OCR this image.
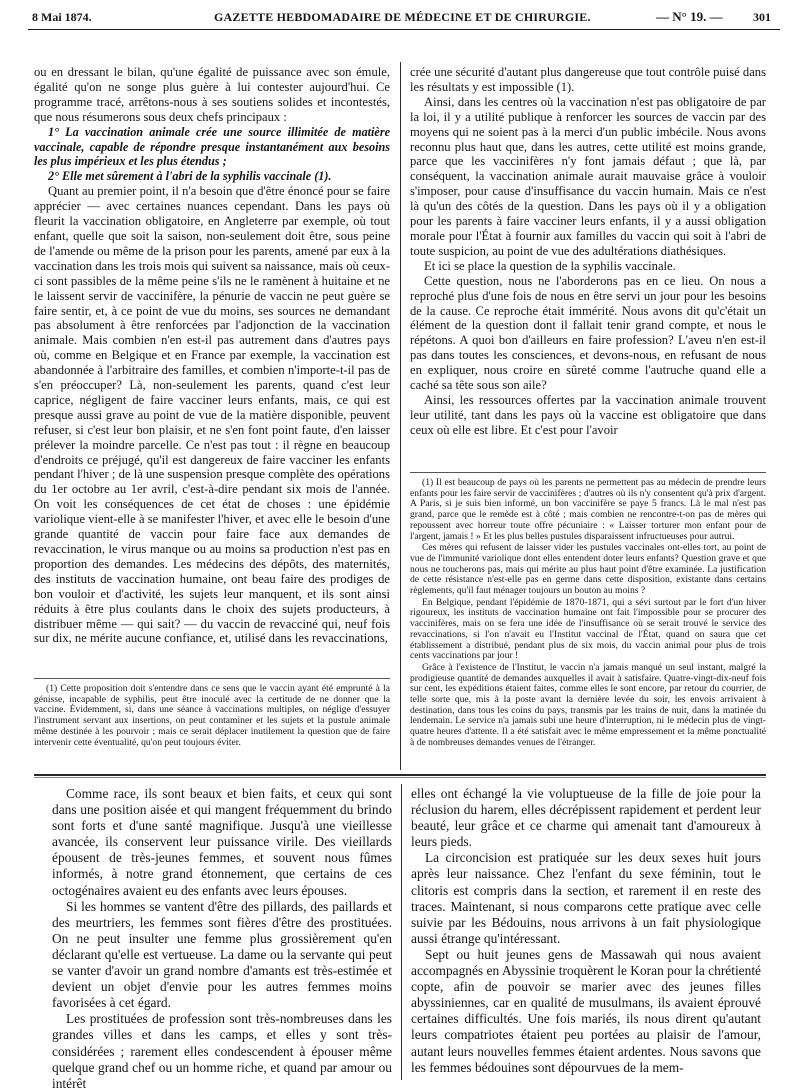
8 Mai 1874.	GAZETTE HEBDOMADAIRE DE MÉDECINE ET DE CHIRURGIE.	— N° 19. —	301

ou en dressant le bilan, qu'une égalité de puissance avec son émule, égalité qu'on ne songe plus guère à lui contester aujourd'hui. Ce programme tracé, arrêtons-nous à ses soutiens solides et incontestés, que nous résumerons sous deux chefs principaux :

1° La vaccination animale crée une source illimitée de matière vaccinale, capable de répondre presque instantanément aux besoins les plus impérieux et les plus étendus ;

2° Elle met sûrement à l'abri de la syphilis vaccinale (1).

Quant au premier point, il n'a besoin que d'être énoncé pour se faire apprécier — avec certaines nuances cependant. Dans les pays où fleurit la vaccination obligatoire, en Angleterre par exemple, où tout enfant, quelle que soit la saison, non-seulement doit être, sous peine de l'amende ou même de la prison pour les parents, amené par eux à la vaccination dans les trois mois qui suivent sa naissance, mais où ceux-ci sont passibles de la même peine s'ils ne le ramènent à huitaine et ne le laissent servir de vaccinifère, la pénurie de vaccin ne peut guère se faire sentir, et, à ce point de vue du moins, ses sources ne demandant pas absolument à être renforcées par l'adjonction de la vaccination animale. Mais combien n'en est-il pas autrement dans d'autres pays où, comme en Belgique et en France par exemple, la vaccination est abandonnée à l'arbitraire des familles, et combien n'importe-t-il pas de s'en préoccuper? Là, non-seulement les parents, quand c'est leur caprice, négligent de faire vacciner leurs enfants, mais, ce qui est presque aussi grave au point de vue de la matière disponible, peuvent refuser, si c'est leur bon plaisir, et ne s'en font point faute, d'en laisser prélever la moindre parcelle. Ce n'est pas tout : il règne en beaucoup d'endroits ce préjugé, qu'il est dangereux de faire vacciner les enfants pendant l'hiver ; de là une suspension presque complète des opérations du 1er octobre au 1er avril, c'est-à-dire pendant six mois de l'année. On voit les conséquences de cet état de choses : une épidémie variolique vient-elle à se manifester l'hiver, et avec elle le besoin d'une grande quantité de vaccin pour faire face aux demandes de revaccination, le virus manque ou au moins sa production n'est pas en proportion des demandes. Les médecins des dépôts, des maternités, des instituts de vaccination humaine, ont beau faire des prodiges de bon vouloir et d'activité, les sujets leur manquent, et ils sont ainsi réduits à être plus coulants dans le choix des sujets producteurs, à distribuer même — qui sait? — du vaccin de revacciné qui, neuf fois sur dix, ne mérite aucune confiance, et, utilisé dans les revaccinations,

(1) Cette proposition doit s'entendre dans ce sens que le vaccin ayant été emprunté à la génisse, incapable de syphilis, peut être inoculé avec la certitude de ne donner que la vaccine. Évidemment, si, dans une séance à vaccinations multiples, on néglige d'essuyer l'instrument servant aux insertions, on peut contaminer et les sujets et la pustule animale même destinée à les pourvoir ; mais ce serait déplacer inutilement la question que de faire intervenir cette éventualité, qu'on peut toujours éviter.

crée une sécurité d'autant plus dangereuse que tout contrôle puisé dans les résultats y est impossible (1).

Ainsi, dans les centres où la vaccination n'est pas obligatoire de par la loi, il y a utilité publique à renforcer les sources de vaccin par des moyens qui ne soient pas à la merci d'un public imbécile. Nous avons reconnu plus haut que, dans les autres, cette utilité est moins grande, parce que les vaccinifères n'y font jamais défaut ; que là, par conséquent, la vaccination animale aurait mauvaise grâce à vouloir s'imposer, pour cause d'insuffisance du vaccin humain. Mais ce n'est là qu'un des côtés de la question. Dans les pays où il y a obligation pour les parents à faire vacciner leurs enfants, il y a aussi obligation morale pour l'État à fournir aux familles du vaccin qui soit à l'abri de toute suspicion, au point de vue des adultérations diathésiques.

Et ici se place la question de la syphilis vaccinale.

Cette question, nous ne l'aborderons pas en ce lieu. On nous a reproché plus d'une fois de nous en être servi un jour pour les besoins de la cause. Ce reproche était immérité. Nous avons dit qu'c'était un élément de la question dont il fallait tenir grand compte, et nous le répétons. A quoi bon d'ailleurs en faire profession? L'aveu n'en est-il pas dans toutes les consciences, et devons-nous, en refusant de nous en expliquer, nous croire en sûreté comme l'autruche quand elle a caché sa tête sous son aile?

Ainsi, les ressources offertes par la vaccination animale trouvent leur utilité, tant dans les pays où la vaccine est obligatoire que dans ceux où elle est libre. Et c'est pour l'avoir

(1) Il est beaucoup de pays où les parents ne permettent pas au médecin de prendre leurs enfants pour les faire servir de vaccinifères ; d'autres où ils n'y consentent qu'à prix d'argent. A Paris, si je suis bien informé, un bon vaccinifère se paye 5 francs. Là le mal n'est pas grand, parce que le remède est à côté ; mais combien ne rencontre-t-on pas de mères qui repoussent avec horreur toute offre pécuniaire : « Laisser torturer mon enfant pour de l'argent, jamais ! » Et les plus belles pustules disparaissent infructueuses pour autrui.

Ces mères qui refusent de laisser vider les pustules vaccinales ont-elles tort, au point de vue de l'immunité variolique dont elles entendent doter leurs enfants? Question grave et que nous ne toucherons pas, mais qui mérite au plus haut point d'être examinée. La justification de cette résistance n'est-elle pas en germe dans cette disposition, existante dans certains règlements, qu'il faut ménager toujours un bouton au moins ?

En Belgique, pendant l'épidémie de 1870-1871, qui a sévi surtout par le fort d'un hiver rigoureux, les instituts de vaccination humaine ont fait l'impossible pour se procurer des vaccinifères, mais on se fera une idée de l'insuffisance où se serait trouvé le service des revaccinations, si l'on n'avait eu l'Institut vaccinal de l'État, quand on saura que cet établissement a distribué, pendant plus de six mois, du vaccin animal pour plus de trois cents vaccinations par jour !

Grâce à l'existence de l'Institut, le vaccin n'a jamais manqué un seul instant, malgré la prodigieuse quantité de demandes auxquelles il avait à satisfaire. Quatre-vingt-dix-neuf fois sur cent, les expéditions étaient faites, comme elles le sont encore, par retour du courrier, de telle sorte que, mis à la poste avant la dernière levée du soir, les envois arrivaient à destination, dans tous les coins du pays, transmis par les trains de nuit, dans la matinée du lendemain. Le service n'a jamais subi une heure d'interruption, ni le médecin plus de vingt-quatre heures d'attente. Il a été satisfait avec le même empressement et la même ponctualité à de nombreuses demandes venues de l'étranger.

Comme race, ils sont beaux et bien faits, et ceux qui sont dans une position aisée et qui mangent fréquemment du brindo sont forts et d'une santé magnifique. Jusqu'à une vieillesse avancée, ils conservent leur puissance virile. Des vieillards épousent de très-jeunes femmes, et souvent nous fûmes informés, à notre grand étonnement, que certains de ces octogénaires avaient eu des enfants avec leurs épouses.

Si les hommes se vantent d'être des pillards, des paillards et des meurtriers, les femmes sont fières d'être des prostituées. On ne peut insulter une femme plus grossièrement qu'en déclarant qu'elle est vertueuse. La dame ou la servante qui peut se vanter d'avoir un grand nombre d'amants est très-estimée et devient un objet d'envie pour les autres femmes moins favorisées à cet égard.

Les prostituées de profession sont très-nombreuses dans les grandes villes et dans les camps, et elles y sont très-considérées ; rarement elles condescendent à épouser même quelque grand chef ou un homme riche, et quand par amour ou intérêt

elles ont échangé la vie voluptueuse de la fille de joie pour la réclusion du harem, elles décrépissent rapidement et perdent leur beauté, leur grâce et ce charme qui amenait tant d'amoureux à leurs pieds.

La circoncision est pratiquée sur les deux sexes huit jours après leur naissance. Chez l'enfant du sexe féminin, tout le clitoris est compris dans la section, et rarement il en reste des traces. Maintenant, si nous comparons cette pratique avec celle suivie par les Bédouins, nous arrivons à un fait physiologique aussi étrange qu'intéressant.

Sept ou huit jeunes gens de Massawah qui nous avaient accompagnés en Abyssinie troquèrent le Koran pour la chrétienté copte, afin de pouvoir se marier avec des jeunes filles abyssiniennes, car en qualité de musulmans, ils avaient éprouvé certaines difficultés. Une fois mariés, ils nous dirent qu'autant leurs compatriotes étaient peu portées au plaisir de l'amour, autant leurs nouvelles femmes étaient ardentes. Nous savons que les femmes bédouines sont dépourvues de la mem-
